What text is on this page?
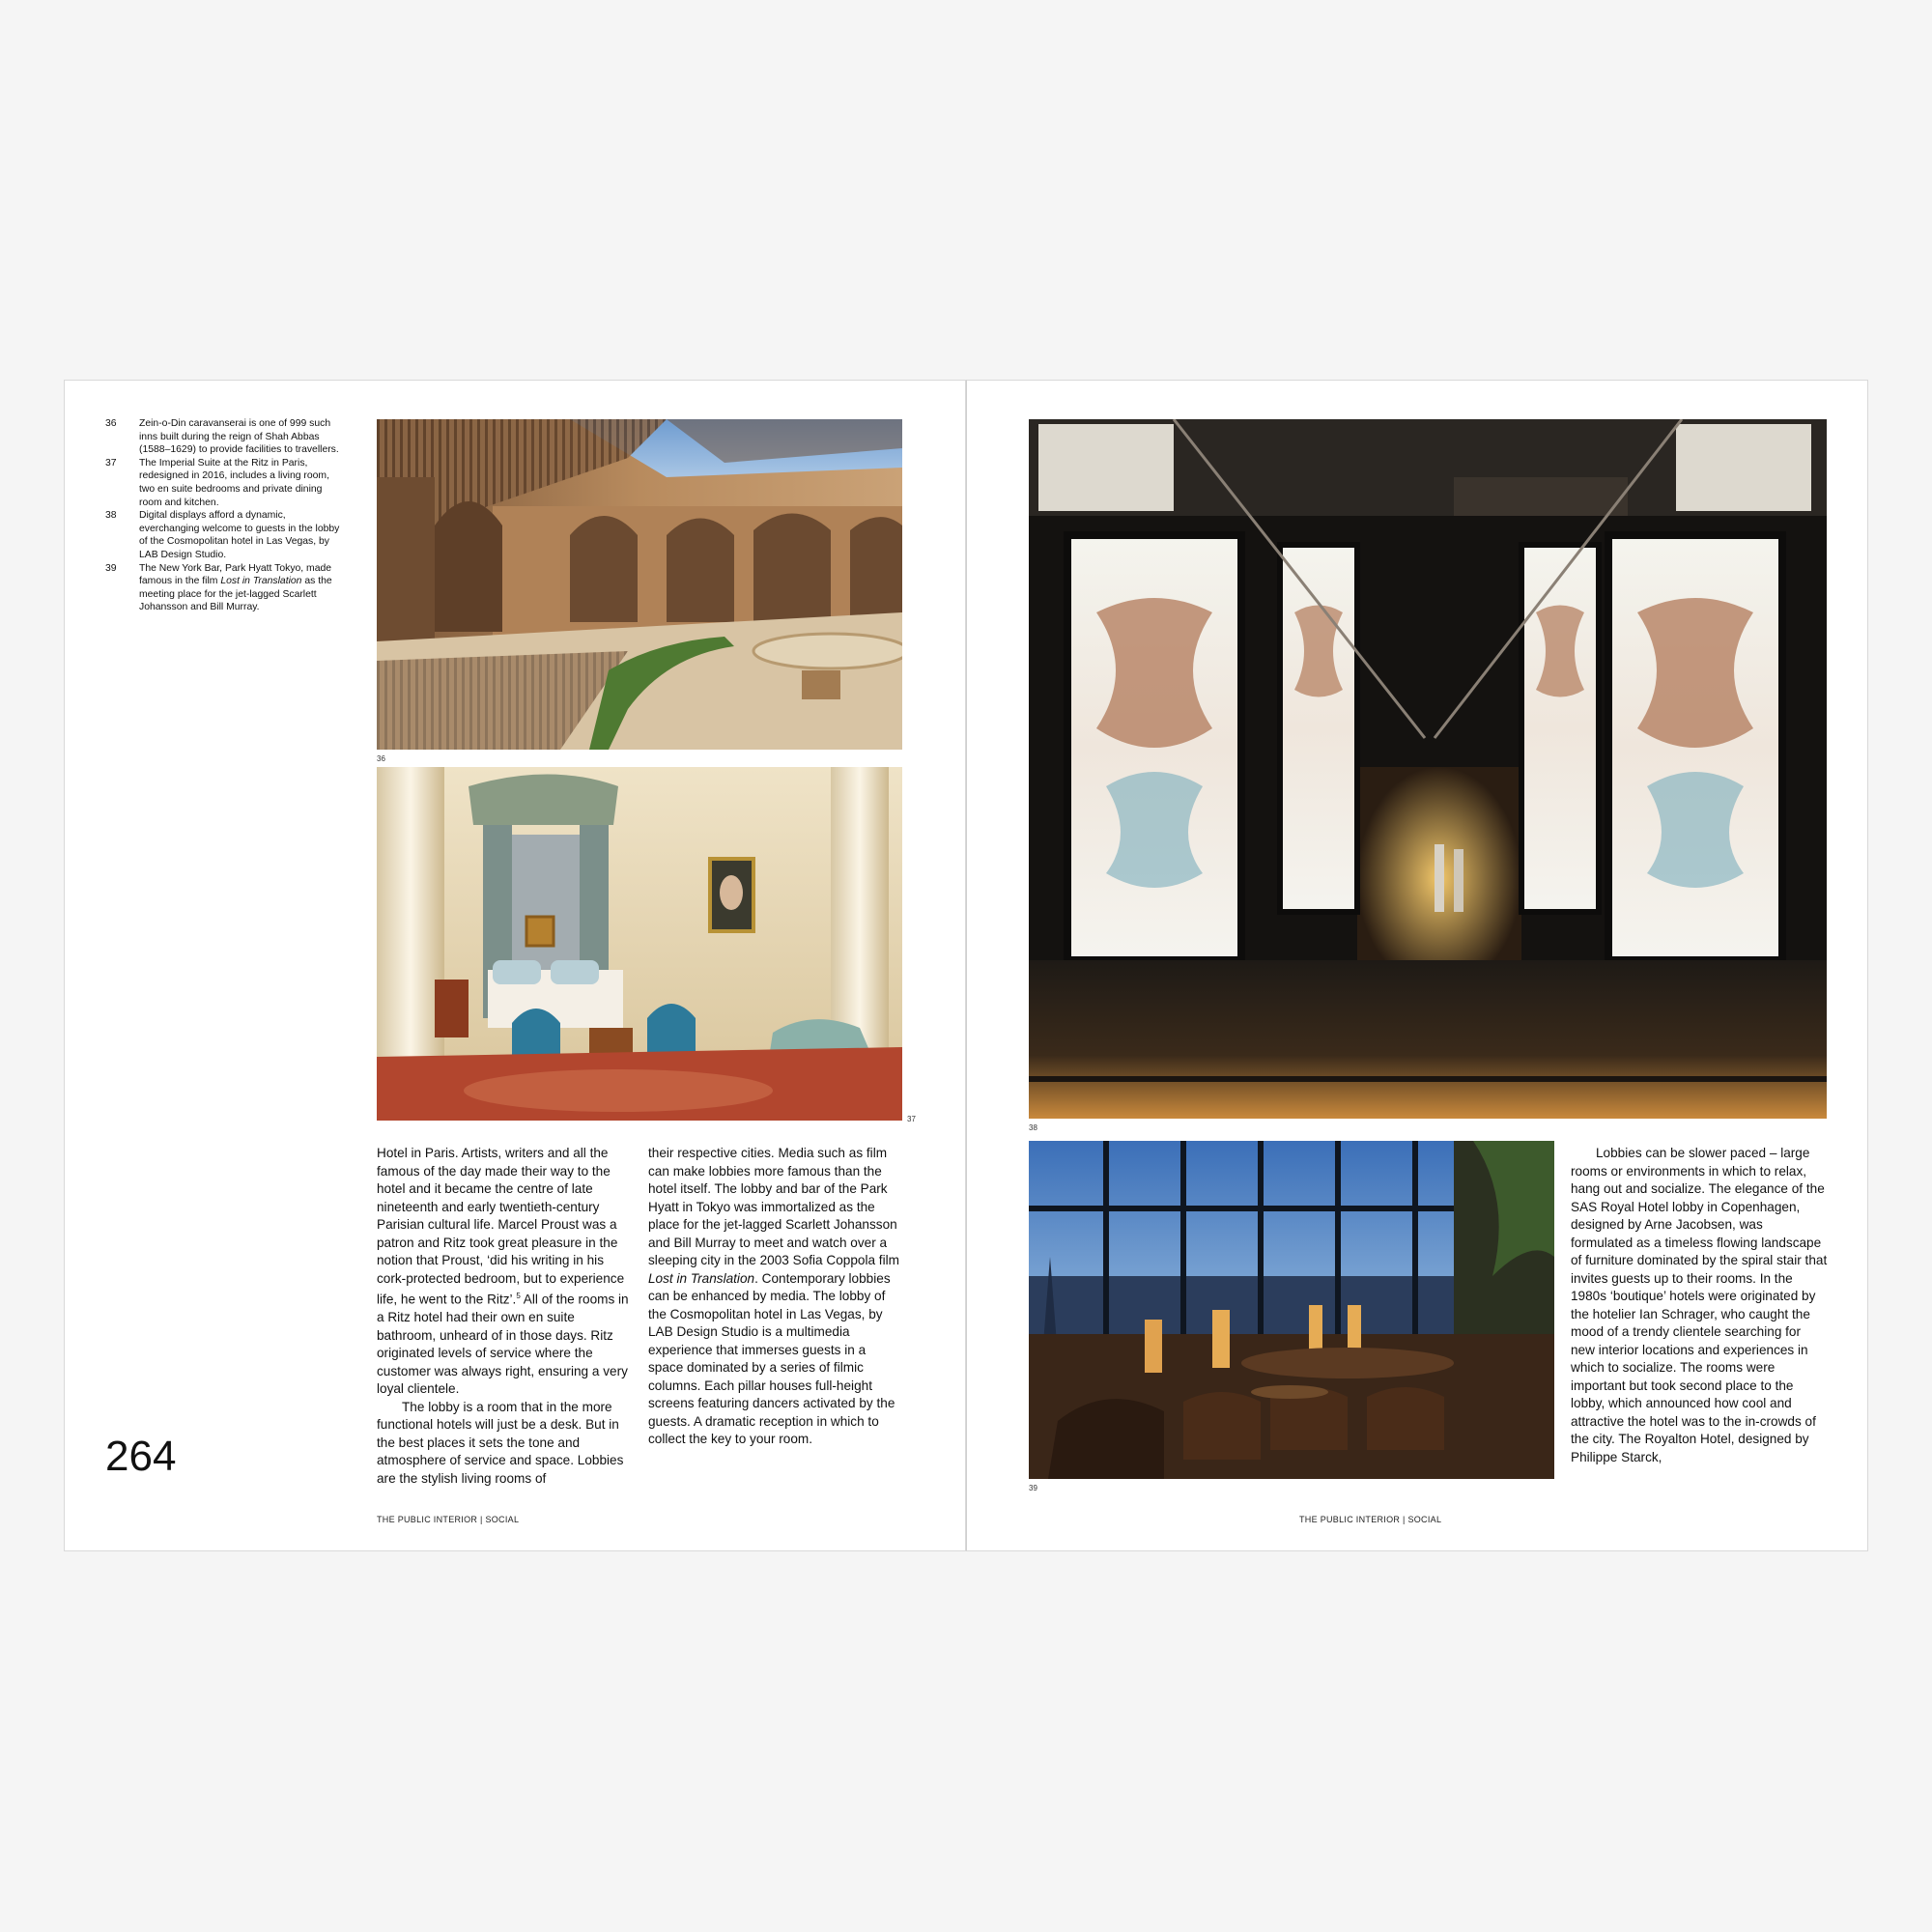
36	Zein-o-Din caravanserai is one of 999 such inns built during the reign of Shah Abbas (1588–1629) to provide facilities to travellers.
37	The Imperial Suite at the Ritz in Paris, redesigned in 2016, includes a living room, two en suite bedrooms and private dining room and kitchen.
38	Digital displays afford a dynamic, everchanging welcome to guests in the lobby of the Cosmopolitan hotel in Las Vegas, by LAB Design Studio.
39	The New York Bar, Park Hyatt Tokyo, made famous in the film Lost in Translation as the meeting place for the jet-lagged Scarlett Johansson and Bill Murray.
36
37

Hotel in Paris. Artists, writers and all the famous of the day made their way to the hotel and it became the centre of late nineteenth and early twentieth-century Parisian cultural life. Marcel Proust was a patron and Ritz took great pleasure in the notion that Proust, ‘did his writing in his cork-protected bedroom, but to experience life, he went to the Ritz’.$^5$ All of the rooms in a Ritz hotel had their own en suite bathroom, unheard of in those days. Ritz originated levels of service where the customer was always right, ensuring a very loyal clientele.

The lobby is a room that in the more functional hotels will just be a desk. But in the best places it sets the tone and atmosphere of service and space. Lobbies are the stylish living rooms of

their respective cities. Media such as film can make lobbies more famous than the hotel itself. The lobby and bar of the Park Hyatt in Tokyo was immortalized as the place for the jet-lagged Scarlett Johansson and Bill Murray to meet and watch over a sleeping city in the 2003 Sofia Coppola film Lost in Translation. Contemporary lobbies can be enhanced by media. The lobby of the Cosmopolitan hotel in Las Vegas, by LAB Design Studio is a multimedia experience that immerses guests in a space dominated by a series of filmic columns. Each pillar houses full-height screens featuring dancers activated by the guests. A dramatic reception in which to collect the key to your room.

264
THE PUBLIC INTERIOR | SOCIAL
38
39

Lobbies can be slower paced – large rooms or environments in which to relax, hang out and socialize. The elegance of the SAS Royal Hotel lobby in Copenhagen, designed by Arne Jacobsen, was formulated as a timeless flowing landscape of furniture dominated by the spiral stair that invites guests up to their rooms. In the 1980s ‘boutique’ hotels were originated by the hotelier Ian Schrager, who caught the mood of a trendy clientele searching for new interior locations and experiences in which to socialize. The rooms were important but took second place to the lobby, which announced how cool and attractive the hotel was to the in-crowds of the city. The Royalton Hotel, designed by Philippe Starck,

THE PUBLIC INTERIOR | SOCIAL
